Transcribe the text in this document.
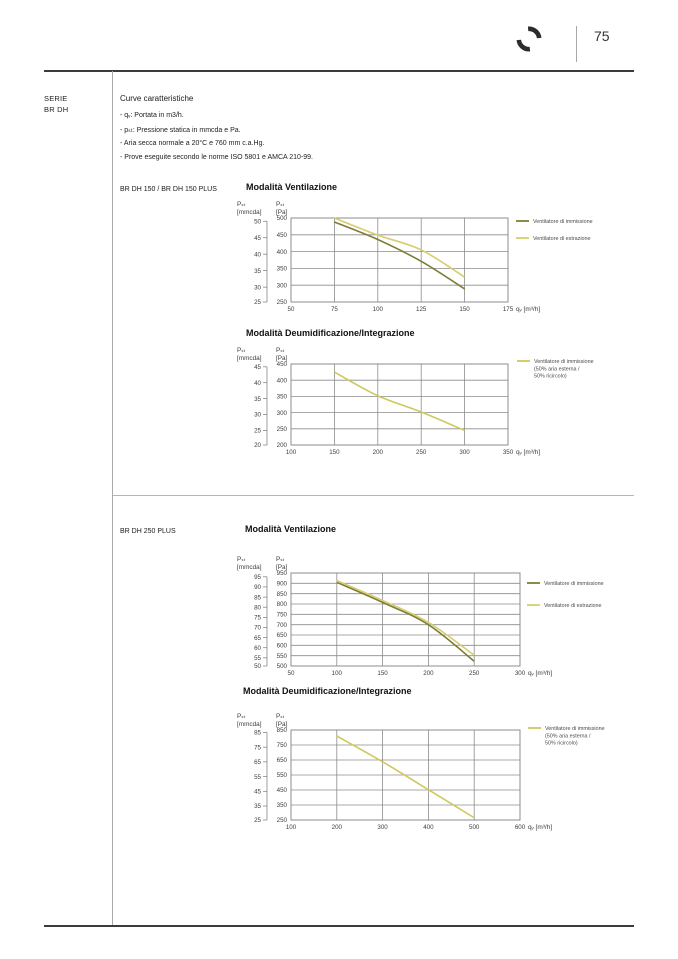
75
SERIE
BR DH
Curve caratteristiche
- qᵥ: Portata in m3/h.
- pₛₜ: Pressione statica in mmcda e Pa.
- Aria secca normale a 20°C e 760 mm c.a.Hg.
- Prove eseguite secondo le norme ISO 5801 e AMCA 210-99.
BR DH 150 / BR DH 150 PLUS	Modalità Ventilazione
250
300
350
400
450
500
25
30
35
40
45
50
50	75	100	125	150	175 qᵥ [m³/h]
Pₛₜ
[mmcda]
Pₛₜ
[Pa]
Ventilatore di immissione
Ventilatore di estrazione
Modalità Deumidificazione/Integrazione
200
250
300
350
400
450
20
25
30
35
40
45
100	150	200	250	300	350 qᵥ [m³/h]
Pₛₜ
[mmcda]
Pₛₜ
[Pa]	Ventilatore di immissione
(50% aria esterna /
50% ricircolo)
BR DH 250 PLUS	Modalità Ventilazione
500
550
600
650
700
750
800
850
900
950
50
55
60
65
70
75
80
85
90
95
50	100	150	200	250	300 qᵥ [m³/h]
Pₛₜ
[mmcda]
Pₛₜ
[Pa]
Ventilatore di immissione
Ventilatore di estrazione
Modalità Deumidificazione/Integrazione
250
350
450
550
650
750
850
25
35
45
55
65
75
85
100	200	300	400	500	600 qᵥ [m³/h]
Pₛₜ
[mmcda]
Pₛₜ
[Pa]
Ventilatore di immissione
(50% aria esterna /
50% ricircolo)
